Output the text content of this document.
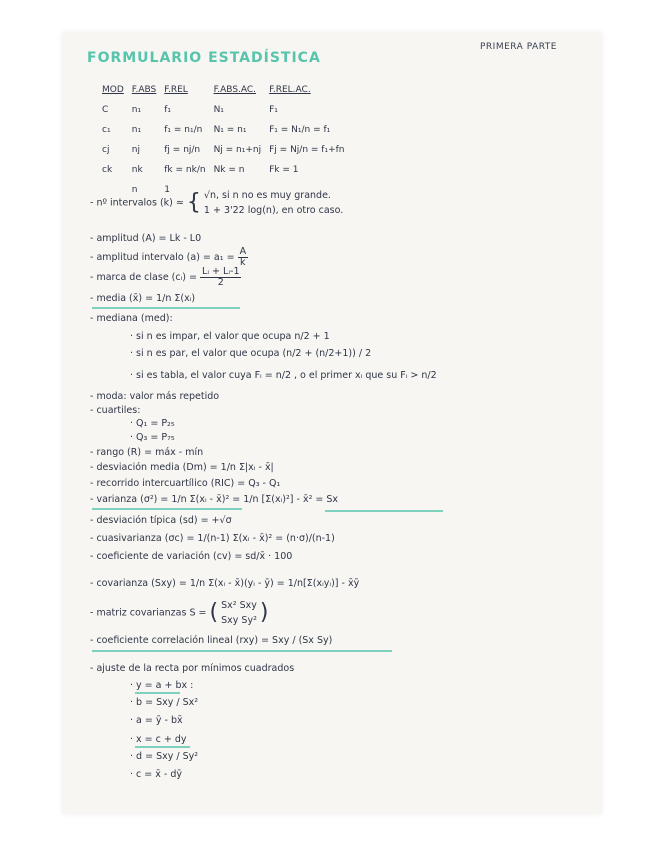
FORMULARIO ESTADÍSTICA
PRIMERA PARTE
MOD	F.ABS	F.REL	F.ABS.AC.	F.REL.AC.
C	n₁	f₁	N₁	F₁
c₁	n₁	f₁ = n₁/n	N₁ = n₁	F₁ = N₁/n = f₁
cj	nj	fj = nj/n	Nj = n₁+nj	Fj = Nj/n = f₁+fn
ck	nk	fk = nk/n	Nk = n	Fk = 1
	n	1		
- nº intervalos (k) ≈ { √n, si n no es muy grande.
1 + 3'22 log(n), en otro caso.
- amplitud (A) = Lk - L0
- amplitud intervalo $(a) = a_1 = \frac{A}{k}$
- marca de clase (cᵢ) = $\frac{\text{Lᵢ + Lᵢ-1}}{2}$
- media (x̄) = 1/n Σ(xᵢ)
- mediana (med):
· si n es impar, el valor que ocupa n/2 + 1
· si n es par, el valor que ocupa (n/2 + (n/2+1)) / 2
· si es tabla, el valor cuya Fᵢ = n/2 , o el primer xᵢ que su Fᵢ > n/2
- moda: valor más repetido
- cuartiles:
· Q₁ = P₂₅
· Q₃ = P₇₅
- rango (R) = máx - mín
- desviación media (Dm) = 1/n Σ|xᵢ - x̄|
- recorrido intercuartílico (RIC) = Q₃ - Q₁
- varianza (σ²) = 1/n Σ(xᵢ - x̄)² = 1/n [Σ(xᵢ)²] - x̄² = Sx
- desviación típica (sd) = +√σ
- cuasivarianza (σc) = 1/(n-1) Σ(xᵢ - x̄)² = (n·σ)/(n-1)
- coeficiente de variación (cv) = sd/x̄ · 100
- covarianza (Sxy) = 1/n Σ(xᵢ - x̄)(yᵢ - ȳ) = 1/n[Σ(xᵢyᵢ)] - x̄ȳ
- matriz covarianzas S = ( Sx² Sxy
Sxy Sy² )
- coeficiente correlación lineal (rxy) = Sxy / (Sx Sy)
- ajuste de la recta por mínimos cuadrados
· y = a + bx :
· b = Sxy / Sx²
· a = ȳ - bx̄
· x = c + dy
· d = Sxy / Sy²
· c = x̄ - dȳ
